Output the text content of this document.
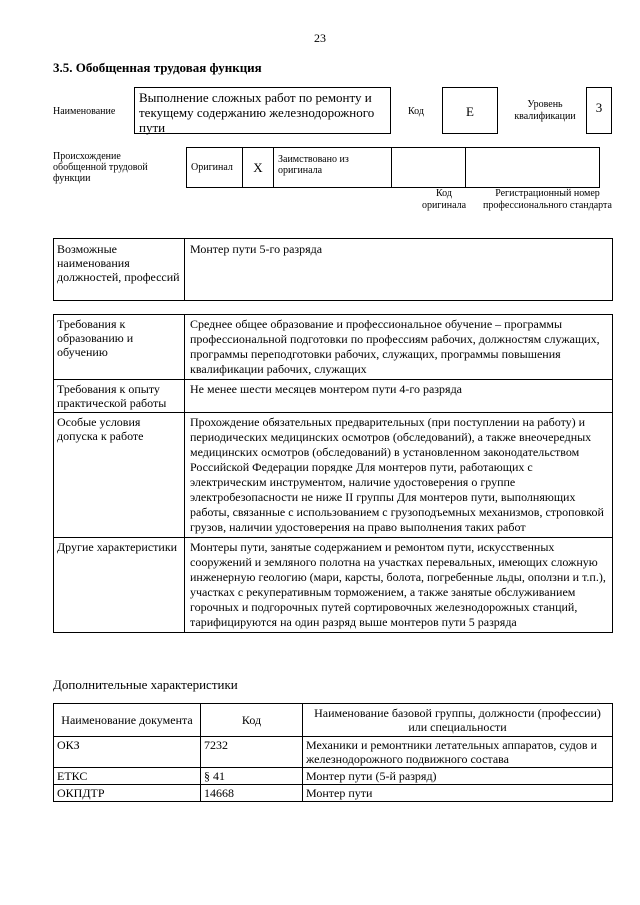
23
3.5. Обобщенная трудовая функция
Наименование
Выполнение сложных работ по ремонту и текущему содержанию железнодорожного пути
Код	E	Уровень квалификации
3
Происхождение обобщенной трудовой функции
Оригинал	X	Заимствовано из оригинала		
Код оригинала
Регистрационный номер профессионального стандарта
Возможные наименования должностей, профессий	Монтер пути 5-го разряда
Требования к образованию и обучению	Среднее общее образование и профессиональное обучение – программы профессиональной подготовки по профессиям рабочих, должностям служащих, программы переподготовки рабочих, служащих, программы повышения квалификации рабочих, служащих
Требования к опыту практической работы	Не менее шести месяцев монтером пути 4-го разряда
Особые условия допуска к работе	Прохождение обязательных предварительных (при поступлении на работу) и периодических медицинских осмотров (обследований), а также внеочередных медицинских осмотров (обследований) в установленном законодательством Российской Федерации порядке Для монтеров пути, работающих с электрическим инструментом, наличие удостоверения о группе электробезопасности не ниже II группы Для монтеров пути, выполняющих работы, связанные с использованием с грузоподъемных механизмов, строповкой грузов, наличии удостоверения на право выполнения таких работ
Другие характеристики	Монтеры пути, занятые содержанием и ремонтом пути, искусственных сооружений и земляного полотна на участках перевальных, имеющих сложную инженерную геологию (мари, карсты, болота, погребенные льды, оползни и т.п.), участках с рекуперативным торможением, а также занятые обслуживанием горочных и подгорочных путей сортировочных железнодорожных станций, тарифицируются на один разряд выше монтеров пути 5 разряда
Дополнительные характеристики
Наименование документа	Код	Наименование базовой группы, должности (профессии) или специальности
ОКЗ	7232	Механики и ремонтники летательных аппаратов, судов и железнодорожного подвижного состава
ЕТКС	§ 41	Монтер пути (5-й разряд)
ОКПДТР	14668	Монтер пути
